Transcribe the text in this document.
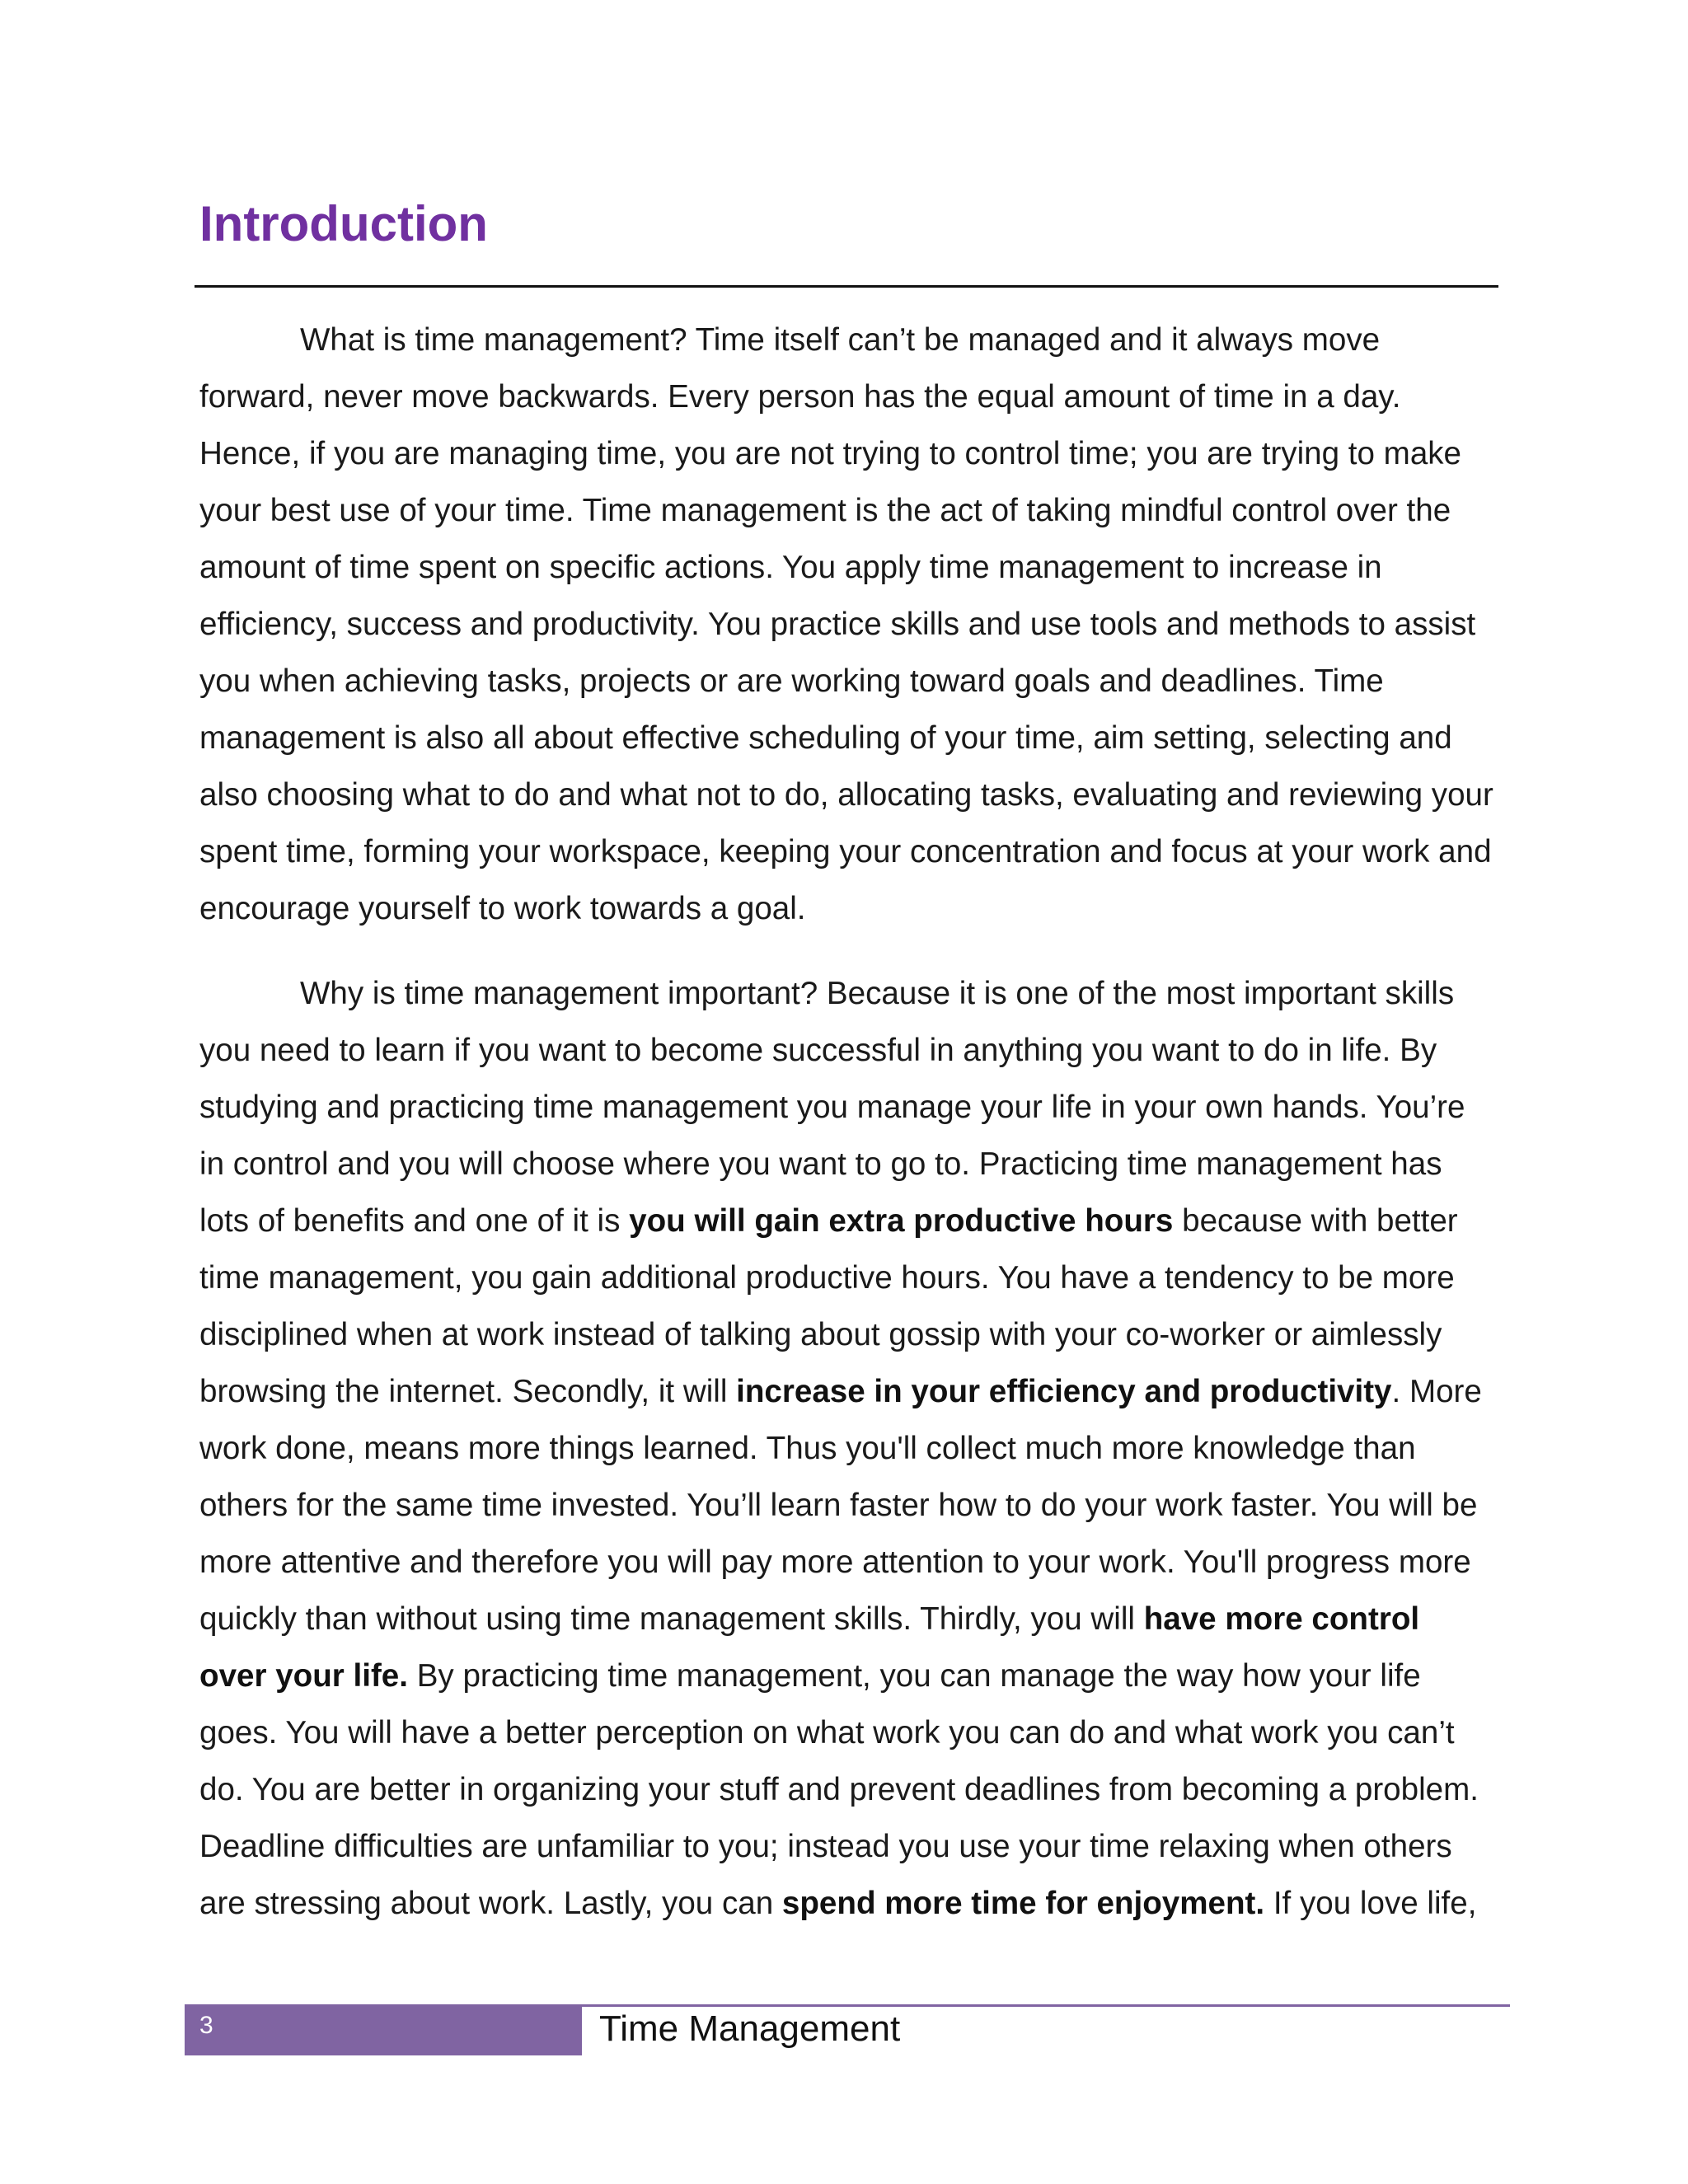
Introduction

What is time management? Time itself can’t be managed and it always move forward, never move backwards. Every person has the equal amount of time in a day. Hence, if you are managing time, you are not trying to control time; you are trying to make your best use of your time. Time management is the act of taking mindful control over the amount of time spent on specific actions. You apply time management to increase in efficiency, success and productivity. You practice skills and use tools and methods to assist you when achieving tasks, projects or are working toward goals and deadlines. Time management is also all about effective scheduling of your time, aim setting, selecting and also choosing what to do and what not to do, allocating tasks, evaluating and reviewing your spent time, forming your workspace, keeping your concentration and focus at your work and encourage yourself to work towards a goal.

Why is time management important? Because it is one of the most important skills you need to learn if you want to become successful in anything you want to do in life. By studying and practicing time management you manage your life in your own hands. You’re in control and you will choose where you want to go to. Practicing time management has lots of benefits and one of it is you will gain extra productive hours because with better time management, you gain additional productive hours. You have a tendency to be more disciplined when at work instead of talking about gossip with your co-worker or aimlessly browsing the internet. Secondly, it will increase in your efficiency and productivity. More work done, means more things learned. Thus you'll collect much more knowledge than others for the same time invested. You’ll learn faster how to do your work faster. You will be more attentive and therefore you will pay more attention to your work. You'll progress more quickly than without using time management skills. Thirdly, you will have more control over your life. By practicing time management, you can manage the way how your life goes. You will have a better perception on what work you can do and what work you can’t do. You are better in organizing your stuff and prevent deadlines from becoming a problem. Deadline difficulties are unfamiliar to you; instead you use your time relaxing when others are stressing about work. Lastly, you can spend more time for enjoyment. If you love life,

3	Time Management
